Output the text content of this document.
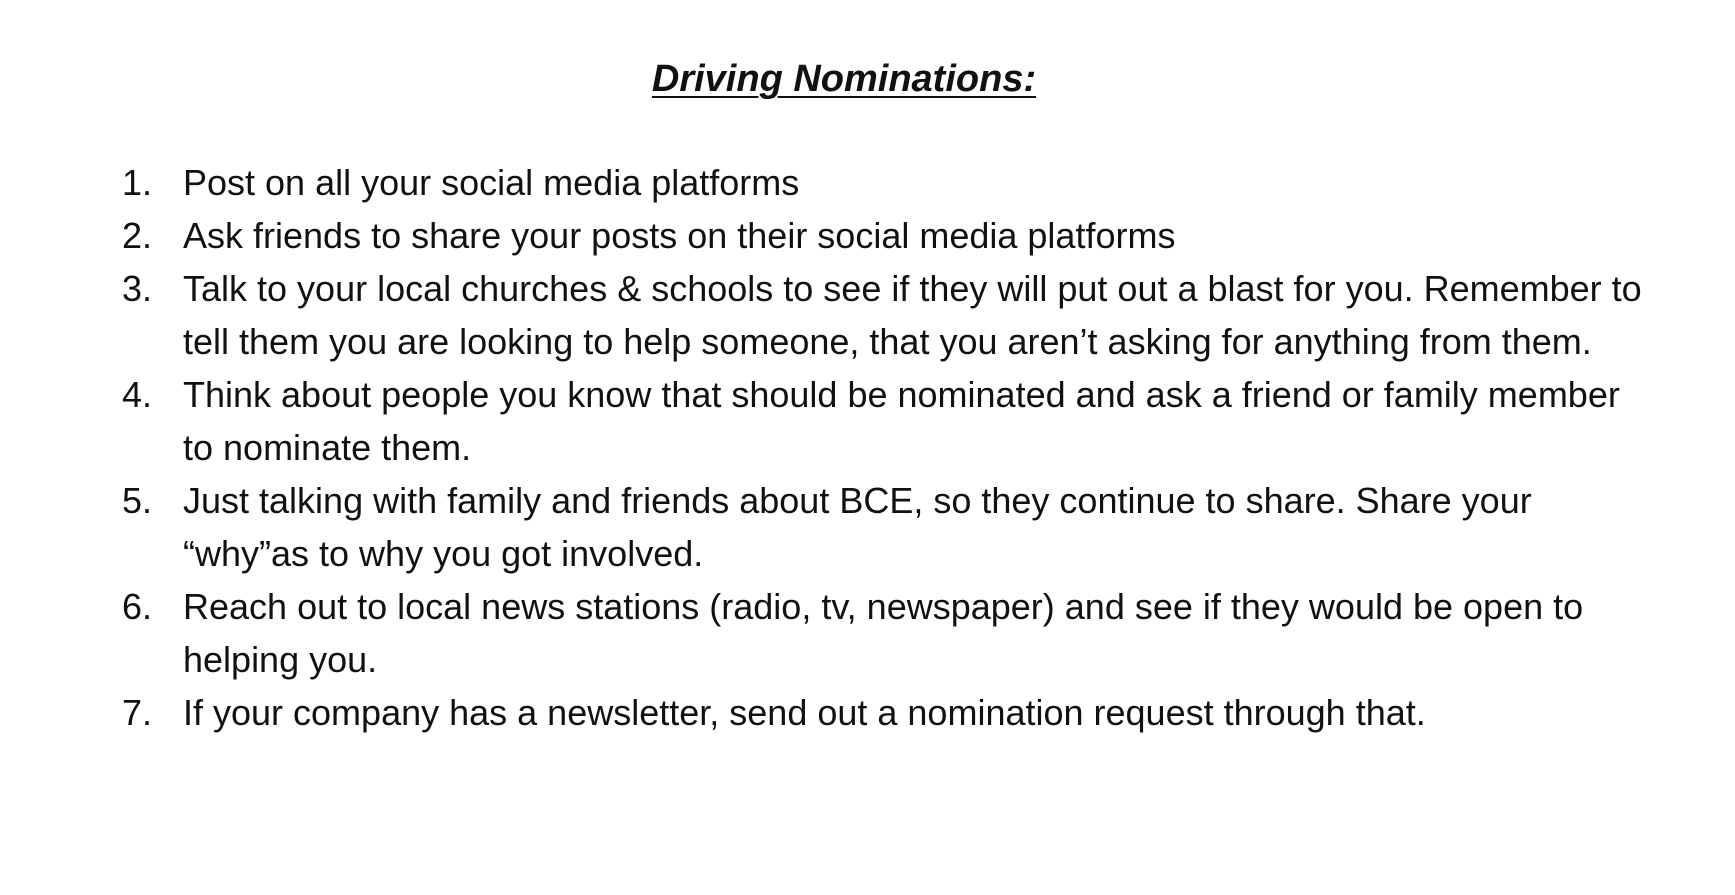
Driving Nominations:
1. Post on all your social media platforms
2. Ask friends to share your posts on their social media platforms
3. Talk to your local churches & schools to see if they will put out a blast for you. Remember to tell them you are looking to help someone, that you aren’t asking for anything from them.
4. Think about people you know that should be nominated and ask a friend or family member to nominate them.
5. Just talking with family and friends about BCE, so they continue to share. Share your “why”as to why you got involved.
6. Reach out to local news stations (radio, tv, newspaper) and see if they would be open to helping you.
7. If your company has a newsletter, send out a nomination request through that.
